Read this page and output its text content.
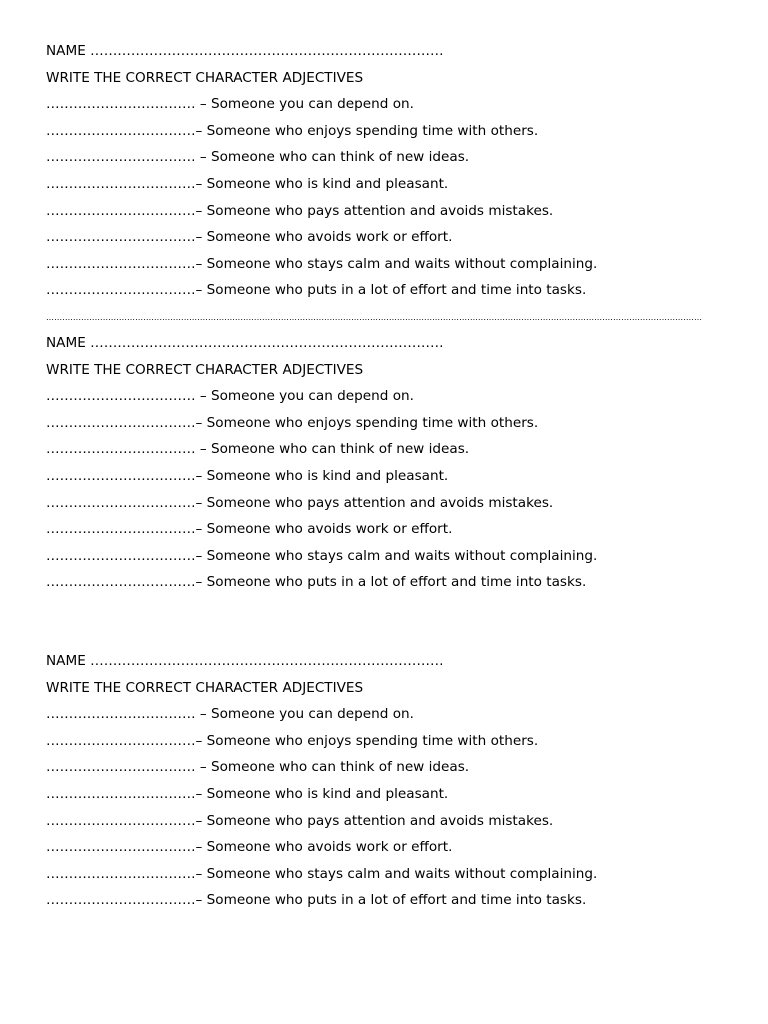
NAME ……………………………………………………………………
WRITE THE CORRECT CHARACTER ADJECTIVES
…………………………… – Someone you can depend on.
……………………………– Someone who enjoys spending time with others.
…………………………… – Someone who can think of new ideas.
……………………………– Someone who is kind and pleasant.
……………………………– Someone who pays attention and avoids mistakes.
……………………………– Someone who avoids work or effort.
……………………………– Someone who stays calm and waits without complaining.
……………………………– Someone who puts in a lot of effort and time into tasks.
………………………………………………………………………………………………………………………………………………………………………………………………………………………
NAME ……………………………………………………………………
WRITE THE CORRECT CHARACTER ADJECTIVES
…………………………… – Someone you can depend on.
……………………………– Someone who enjoys spending time with others.
…………………………… – Someone who can think of new ideas.
……………………………– Someone who is kind and pleasant.
……………………………– Someone who pays attention and avoids mistakes.
……………………………– Someone who avoids work or effort.
……………………………– Someone who stays calm and waits without complaining.
……………………………– Someone who puts in a lot of effort and time into tasks.
NAME ……………………………………………………………………
WRITE THE CORRECT CHARACTER ADJECTIVES
…………………………… – Someone you can depend on.
……………………………– Someone who enjoys spending time with others.
…………………………… – Someone who can think of new ideas.
……………………………– Someone who is kind and pleasant.
……………………………– Someone who pays attention and avoids mistakes.
……………………………– Someone who avoids work or effort.
……………………………– Someone who stays calm and waits without complaining.
……………………………– Someone who puts in a lot of effort and time into tasks.
